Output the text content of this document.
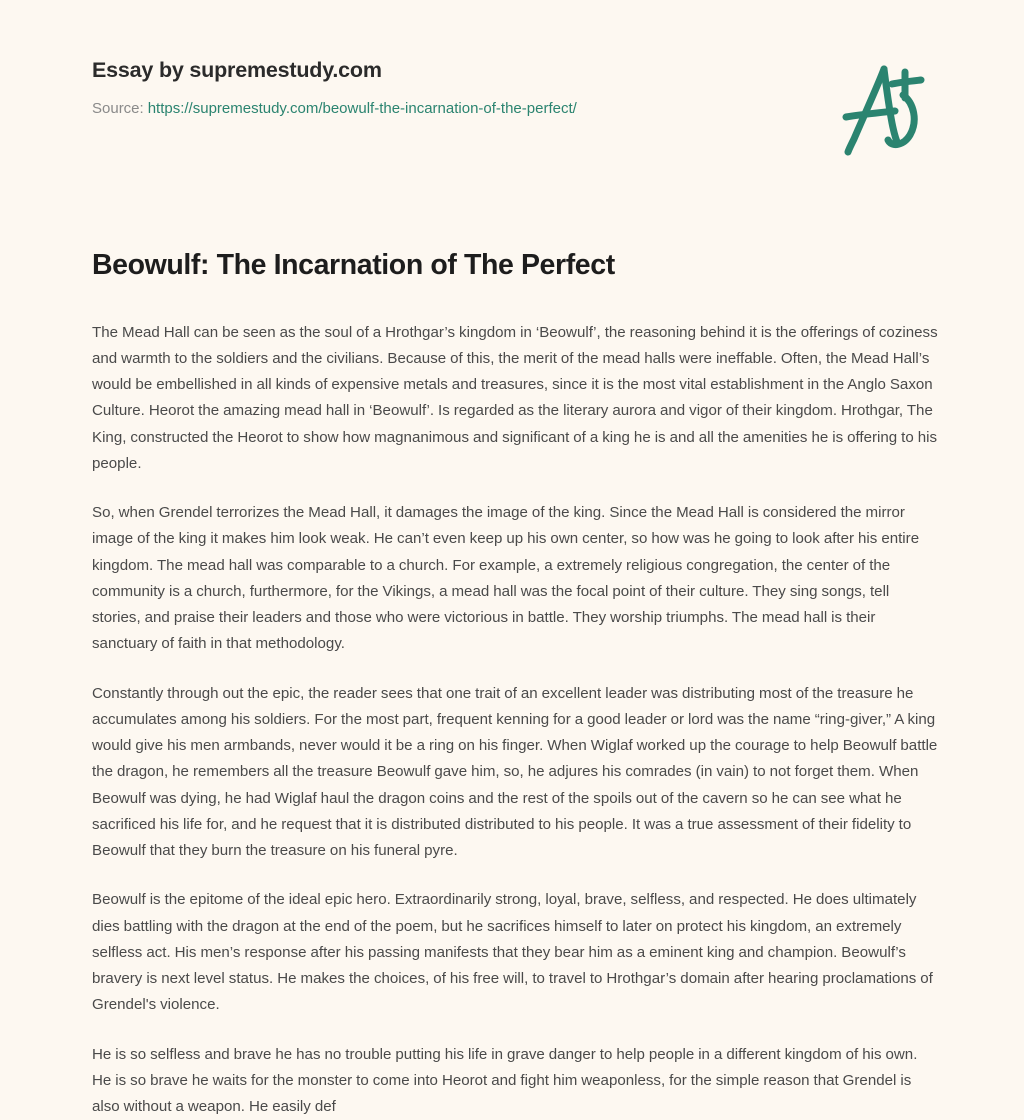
Essay by supremestudy.com
Source: https://supremestudy.com/beowulf-the-incarnation-of-the-perfect/
Beowulf: The Incarnation of The Perfect

The Mead Hall can be seen as the soul of a Hrothgar’s kingdom in ‘Beowulf’, the reasoning behind it is the offerings of coziness and warmth to the soldiers and the civilians. Because of this, the merit of the mead halls were ineffable. Often, the Mead Hall’s would be embellished in all kinds of expensive metals and treasures, since it is the most vital establishment in the Anglo Saxon Culture. Heorot the amazing mead hall in ‘Beowulf’. Is regarded as the literary aurora and vigor of their kingdom. Hrothgar, The King, constructed the Heorot to show how magnanimous and significant of a king he is and all the amenities he is offering to his people.

So, when Grendel terrorizes the Mead Hall, it damages the image of the king. Since the Mead Hall is considered the mirror image of the king it makes him look weak. He can’t even keep up his own center, so how was he going to look after his entire kingdom. The mead hall was comparable to a church. For example, a extremely religious congregation, the center of the community is a church, furthermore, for the Vikings, a mead hall was the focal point of their culture. They sing songs, tell stories, and praise their leaders and those who were victorious in battle. They worship triumphs. The mead hall is their sanctuary of faith in that methodology.

Constantly through out the epic, the reader sees that one trait of an excellent leader was distributing most of the treasure he accumulates among his soldiers. For the most part, frequent kenning for a good leader or lord was the name “ring-giver,” A king would give his men armbands, never would it be a ring on his finger. When Wiglaf worked up the courage to help Beowulf battle the dragon, he remembers all the treasure Beowulf gave him, so, he adjures his comrades (in vain) to not forget them. When Beowulf was dying, he had Wiglaf haul the dragon coins and the rest of the spoils out of the cavern so he can see what he sacrificed his life for, and he request that it is distributed distributed to his people. It was a true assessment of their fidelity to Beowulf that they burn the treasure on his funeral pyre.

Beowulf is the epitome of the ideal epic hero. Extraordinarily strong, loyal, brave, selfless, and respected. He does ultimately dies battling with the dragon at the end of the poem, but he sacrifices himself to later on protect his kingdom, an extremely selfless act. His men’s response after his passing manifests that they bear him as a eminent king and champion. Beowulf’s bravery is next level status. He makes the choices, of his free will, to travel to Hrothgar’s domain after hearing proclamations of Grendel's violence.

He is so selfless and brave he has no trouble putting his life in grave danger to help people in a different kingdom of his own. He is so brave he waits for the monster to come into Heorot and fight him weaponless, for the simple reason that Grendel is also without a weapon. He easily def
